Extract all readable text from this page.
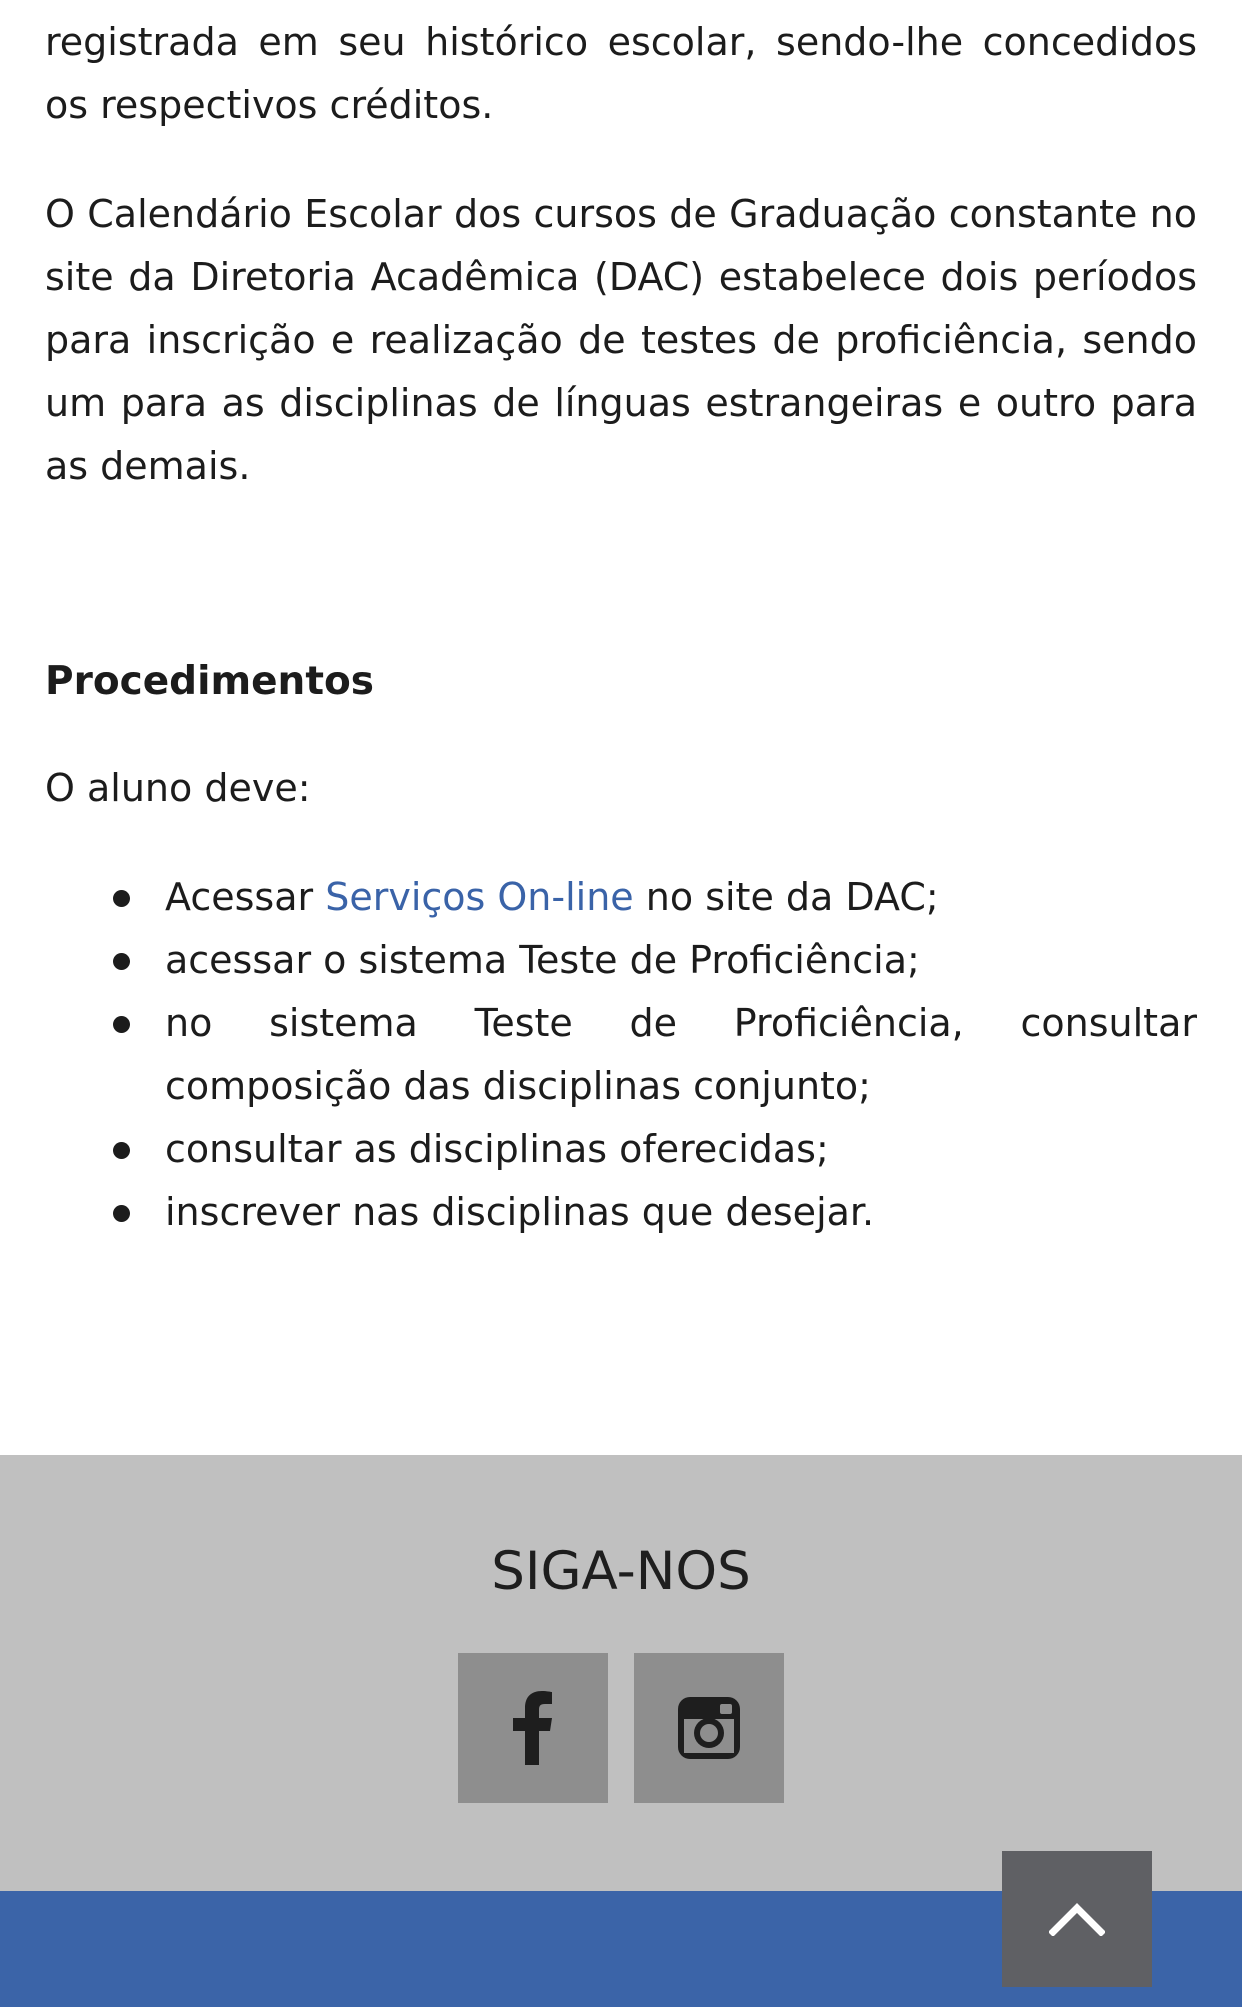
registrada em seu histórico escolar, sendo-lhe concedidos os respectivos créditos.

O Calendário Escolar dos cursos de Graduação constante no site da Diretoria Acadêmica (DAC) estabelece dois períodos para inscrição e realização de testes de proficiência, sendo um para as disciplinas de línguas estrangeiras e outro para as demais.

Procedimentos

O aluno deve:

Acessar Serviços On-line no site da DAC;
acessar o sistema Teste de Proficiência;
no sistema Teste de Proficiência, consultar composição das disciplinas conjunto;
consultar as disciplinas oferecidas;
inscrever nas disciplinas que desejar.
SIGA-NOS
